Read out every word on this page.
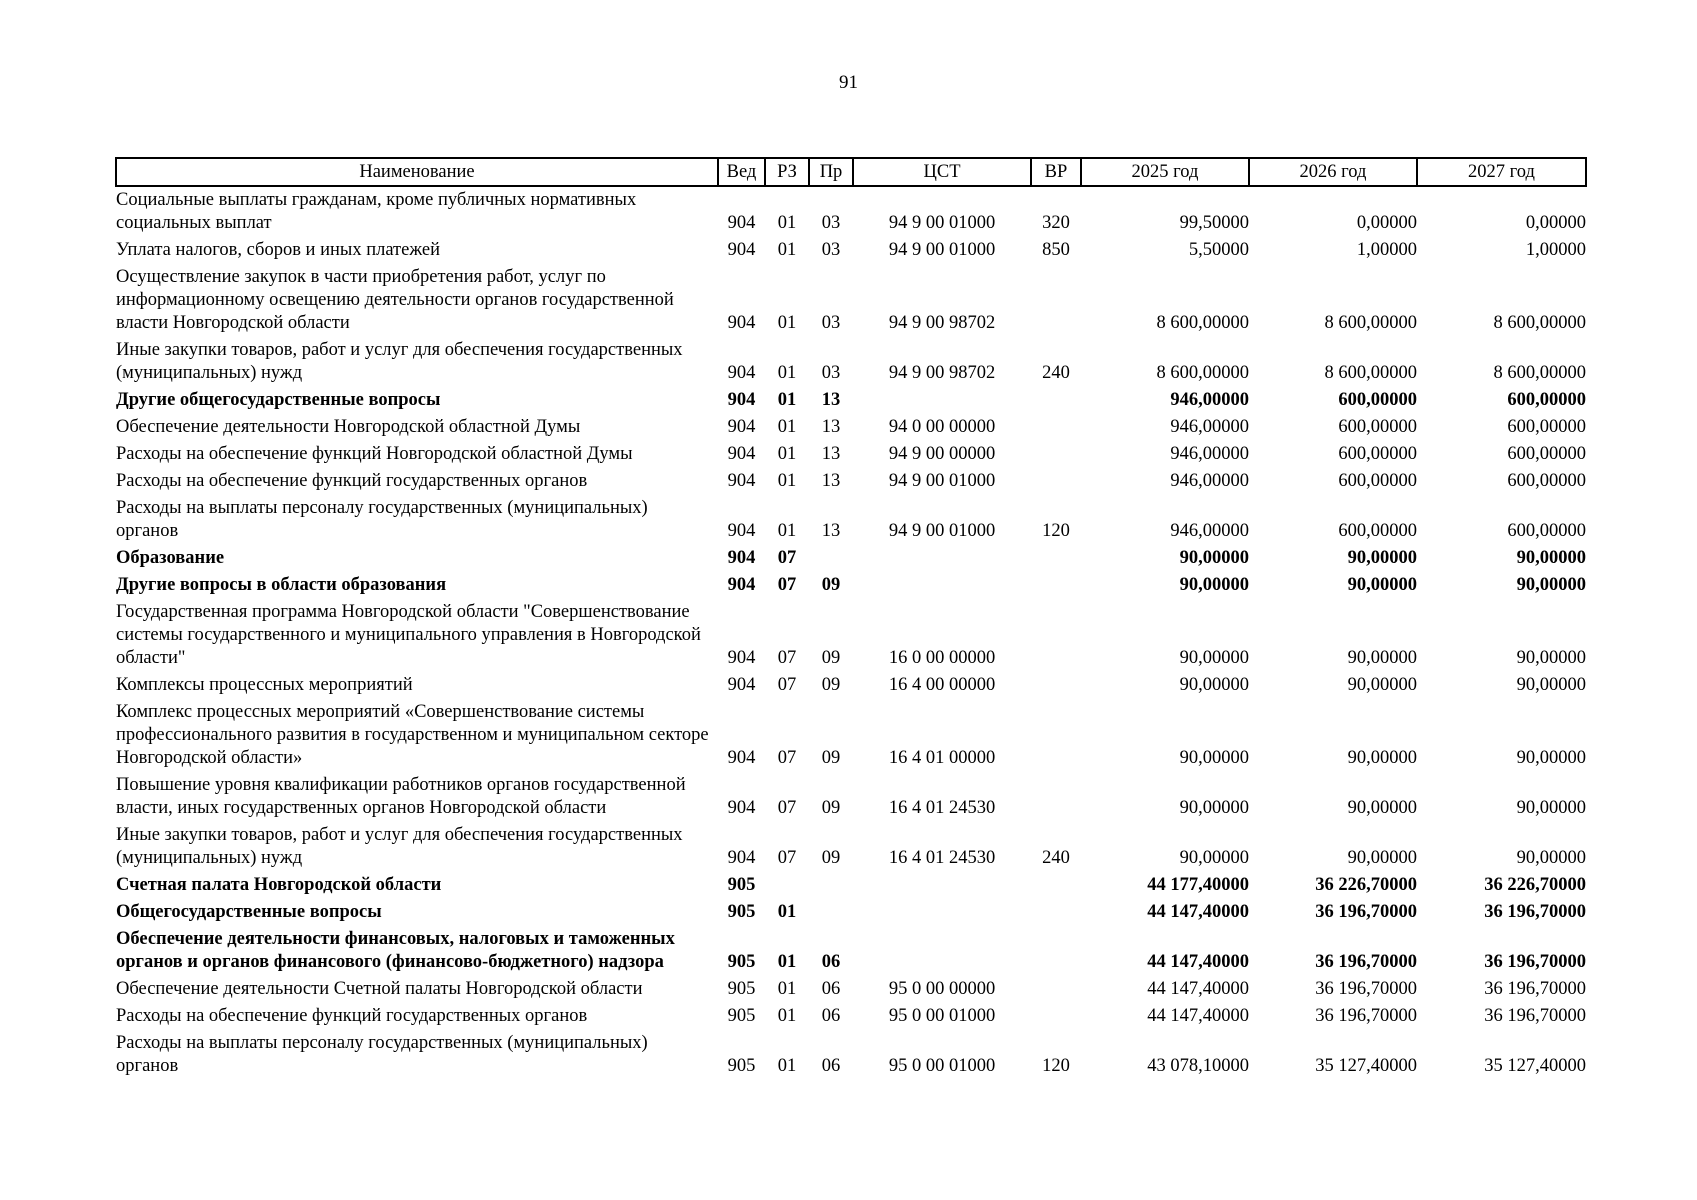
91
Наименование	Вед	РЗ	Пр	ЦСТ	ВР	2025 год	2026 год	2027 год
Социальные выплаты гражданам, кроме публичных нормативных социальных выплат	904	01	03	94 9 00 01000	320	99,50000	0,00000	0,00000
Уплата налогов, сборов и иных платежей	904	01	03	94 9 00 01000	850	5,50000	1,00000	1,00000
Осуществление закупок в части приобретения работ, услуг по информационному освещению деятельности органов государственной власти Новгородской области	904	01	03	94 9 00 98702		8 600,00000	8 600,00000	8 600,00000
Иные закупки товаров, работ и услуг для обеспечения государственных (муниципальных) нужд	904	01	03	94 9 00 98702	240	8 600,00000	8 600,00000	8 600,00000
Другие общегосударственные вопросы	904	01	13			946,00000	600,00000	600,00000
Обеспечение деятельности Новгородской областной Думы	904	01	13	94 0 00 00000		946,00000	600,00000	600,00000
Расходы на обеспечение функций Новгородской областной Думы	904	01	13	94 9 00 00000		946,00000	600,00000	600,00000
Расходы на обеспечение функций государственных органов	904	01	13	94 9 00 01000		946,00000	600,00000	600,00000
Расходы на выплаты персоналу государственных (муниципальных) органов	904	01	13	94 9 00 01000	120	946,00000	600,00000	600,00000
Образование	904	07				90,00000	90,00000	90,00000
Другие вопросы в области образования	904	07	09			90,00000	90,00000	90,00000
Государственная программа Новгородской области "Совершенствование системы государственного и муниципального управления в Новгородской области"	904	07	09	16 0 00 00000		90,00000	90,00000	90,00000
Комплексы процессных мероприятий	904	07	09	16 4 00 00000		90,00000	90,00000	90,00000
Комплекс процессных мероприятий «Совершенствование системы профессионального развития в государственном и муниципальном секторе Новгородской области»	904	07	09	16 4 01 00000		90,00000	90,00000	90,00000
Повышение уровня квалификации работников органов государственной власти, иных государственных органов Новгородской области	904	07	09	16 4 01 24530		90,00000	90,00000	90,00000
Иные закупки товаров, работ и услуг для обеспечения государственных (муниципальных) нужд	904	07	09	16 4 01 24530	240	90,00000	90,00000	90,00000
Счетная палата Новгородской области	905					44 177,40000	36 226,70000	36 226,70000
Общегосударственные вопросы	905	01				44 147,40000	36 196,70000	36 196,70000
Обеспечение деятельности финансовых, налоговых и таможенных органов и органов финансового (финансово-бюджетного) надзора	905	01	06			44 147,40000	36 196,70000	36 196,70000
Обеспечение деятельности Счетной палаты Новгородской области	905	01	06	95 0 00 00000		44 147,40000	36 196,70000	36 196,70000
Расходы на обеспечение функций государственных органов	905	01	06	95 0 00 01000		44 147,40000	36 196,70000	36 196,70000
Расходы на выплаты персоналу государственных (муниципальных) органов	905	01	06	95 0 00 01000	120	43 078,10000	35 127,40000	35 127,40000
